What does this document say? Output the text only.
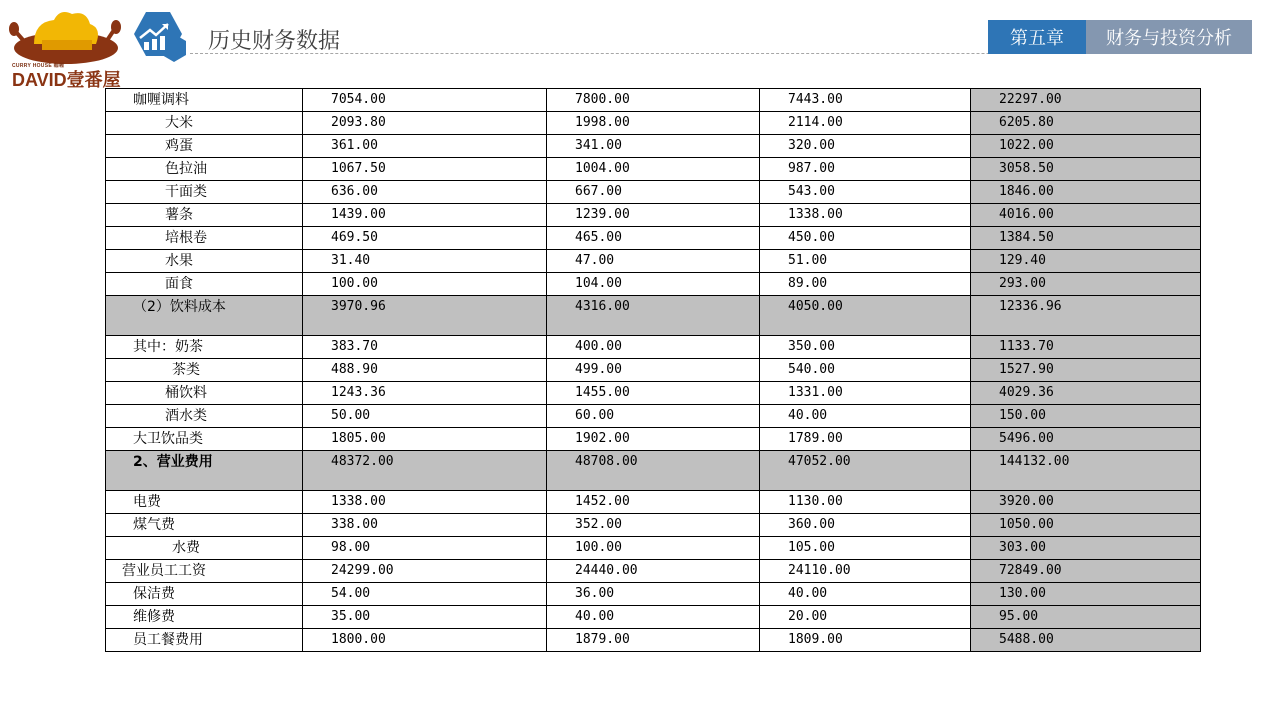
CURRY HOUSE 咖喱
DAVID壹番屋
历史财务数据	第五章	财务与投资分析
咖喱调料	7054.00	7800.00	7443.00	22297.00
大米	2093.80	1998.00	2114.00	6205.80
鸡蛋	361.00	341.00	320.00	1022.00
色拉油	1067.50	1004.00	987.00	3058.50
干面类	636.00	667.00	543.00	1846.00
薯条	1439.00	1239.00	1338.00	4016.00
培根卷	469.50	465.00	450.00	1384.50
水果	31.40	47.00	51.00	129.40
面食	100.00	104.00	89.00	293.00
（2）饮料成本	3970.96	4316.00	4050.00	12336.96
其中：奶茶	383.70	400.00	350.00	1133.70
茶类	488.90	499.00	540.00	1527.90
桶饮料	1243.36	1455.00	1331.00	4029.36
酒水类	50.00	60.00	40.00	150.00
大卫饮品类	1805.00	1902.00	1789.00	5496.00
2、营业费用	48372.00	48708.00	47052.00	144132.00
电费	1338.00	1452.00	1130.00	3920.00
煤气费	338.00	352.00	360.00	1050.00
水费	98.00	100.00	105.00	303.00
营业员工工资	24299.00	24440.00	24110.00	72849.00
保洁费	54.00	36.00	40.00	130.00
维修费	35.00	40.00	20.00	95.00
员工餐费用	1800.00	1879.00	1809.00	5488.00
